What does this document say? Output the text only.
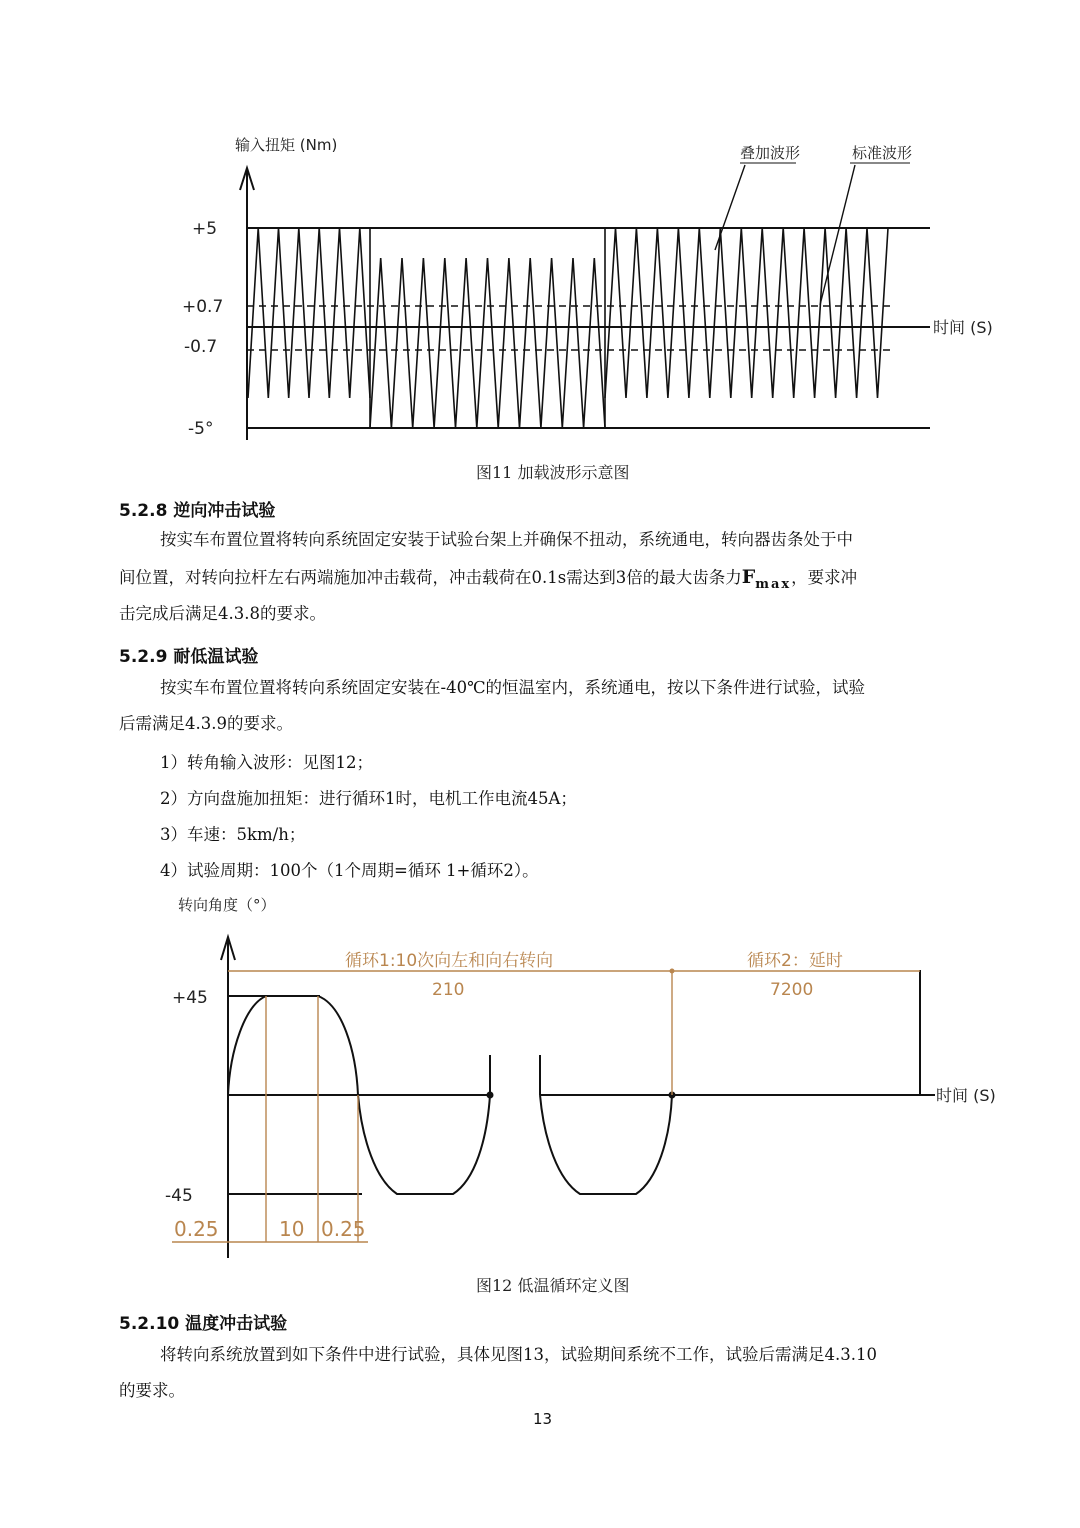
输入扭矩 (Nm)
+5
+0.7
-0.7
-5°
时间 (S)
叠加波形	标准波形
图11 加载波形示意图
5.2.8 逆向冲击试验
按实车布置位置将转向系统固定安装于试验台架上并确保不扭动，系统通电，转向器齿条处于中
间位置，对转向拉杆左右两端施加冲击载荷，冲击载荷在0.1s需达到3倍的最大齿条力$F_{max}$，要求冲
击完成后满足4.3.8的要求。
5.2.9 耐低温试验
按实车布置位置将转向系统固定安装在-40℃的恒温室内，系统通电，按以下条件进行试验，试验
后需满足4.3.9的要求。
1）转角输入波形：见图12；
2）方向盘施加扭矩：进行循环1时，电机工作电流45A；
3）车速：5km/h；
4）试验周期：100个（1个周期=循环 1+循环2）。
转向角度（°）
时间 (S)
+45
-45
循环1:10次向左和向右转向
210
循环2：延时
7200
0.25	10 0.25
图12 低温循环定义图
5.2.10 温度冲击试验
将转向系统放置到如下条件中进行试验，具体见图13，试验期间系统不工作，试验后需满足4.3.10
的要求。
13
